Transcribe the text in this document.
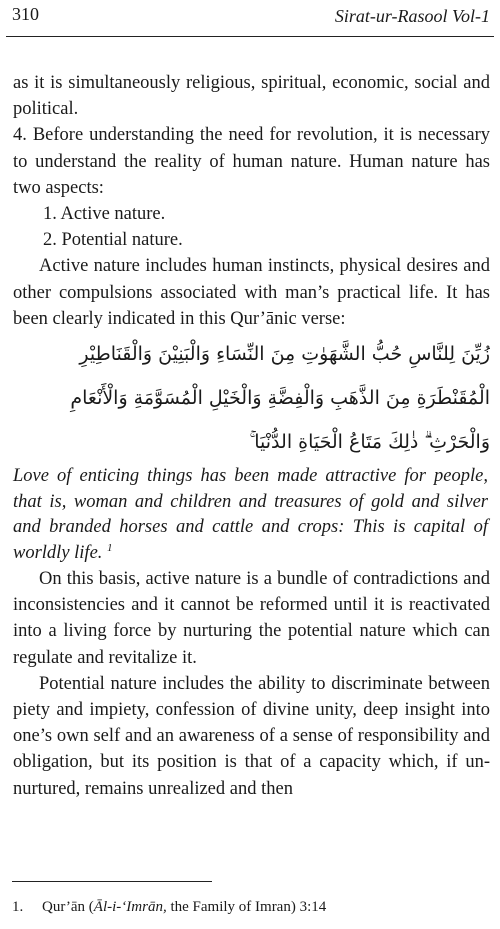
310	Sirat-ur-Rasool Vol-1

as it is simultaneously religious, spiritual, economic, social and political.

4. Before understanding the need for revolution, it is necessary to understand the reality of human nature. Human nature has two aspects:

1. Active nature.
2. Potential nature.

Active nature includes human instincts, physical desires and other compulsions associated with man’s practical life. It has been clearly indicated in this Qur’ānic verse:

زُيِّنَ لِلنَّاسِ حُبُّ الشَّهَوٰتِ مِنَ النِّسَاءِ وَالْبَنِيْنَ وَالْقَنَاطِيْرِ الْمُقَنْطَرَةِ مِنَ الذَّهَبِ وَالْفِضَّةِ وَالْخَيْلِ الْمُسَوَّمَةِ وَالْأَنْعَامِ وَالْحَرْثِ ۗ ذٰلِكَ مَتَاعُ الْحَيَاةِ الدُّنْيَا ۚ

Love of enticing things has been made attractive for people, that is, woman and children and treasures of gold and silver and branded horses and cattle and crops: This is capital of worldly life. $^1$

On this basis, active nature is a bundle of contradictions and inconsistencies and it cannot be reformed until it is reactivated into a living force by nurturing the potential nature which can regulate and revitalize it.

Potential nature includes the ability to discriminate between piety and impiety, confession of divine unity, deep insight into one’s own self and an awareness of a sense of responsibility and obligation, but its position is that of a capacity which, if un-nurtured, remains unrealized and then

1. Qur’ān (Āl-i-‘Imrān, the Family of Imran) 3:14
